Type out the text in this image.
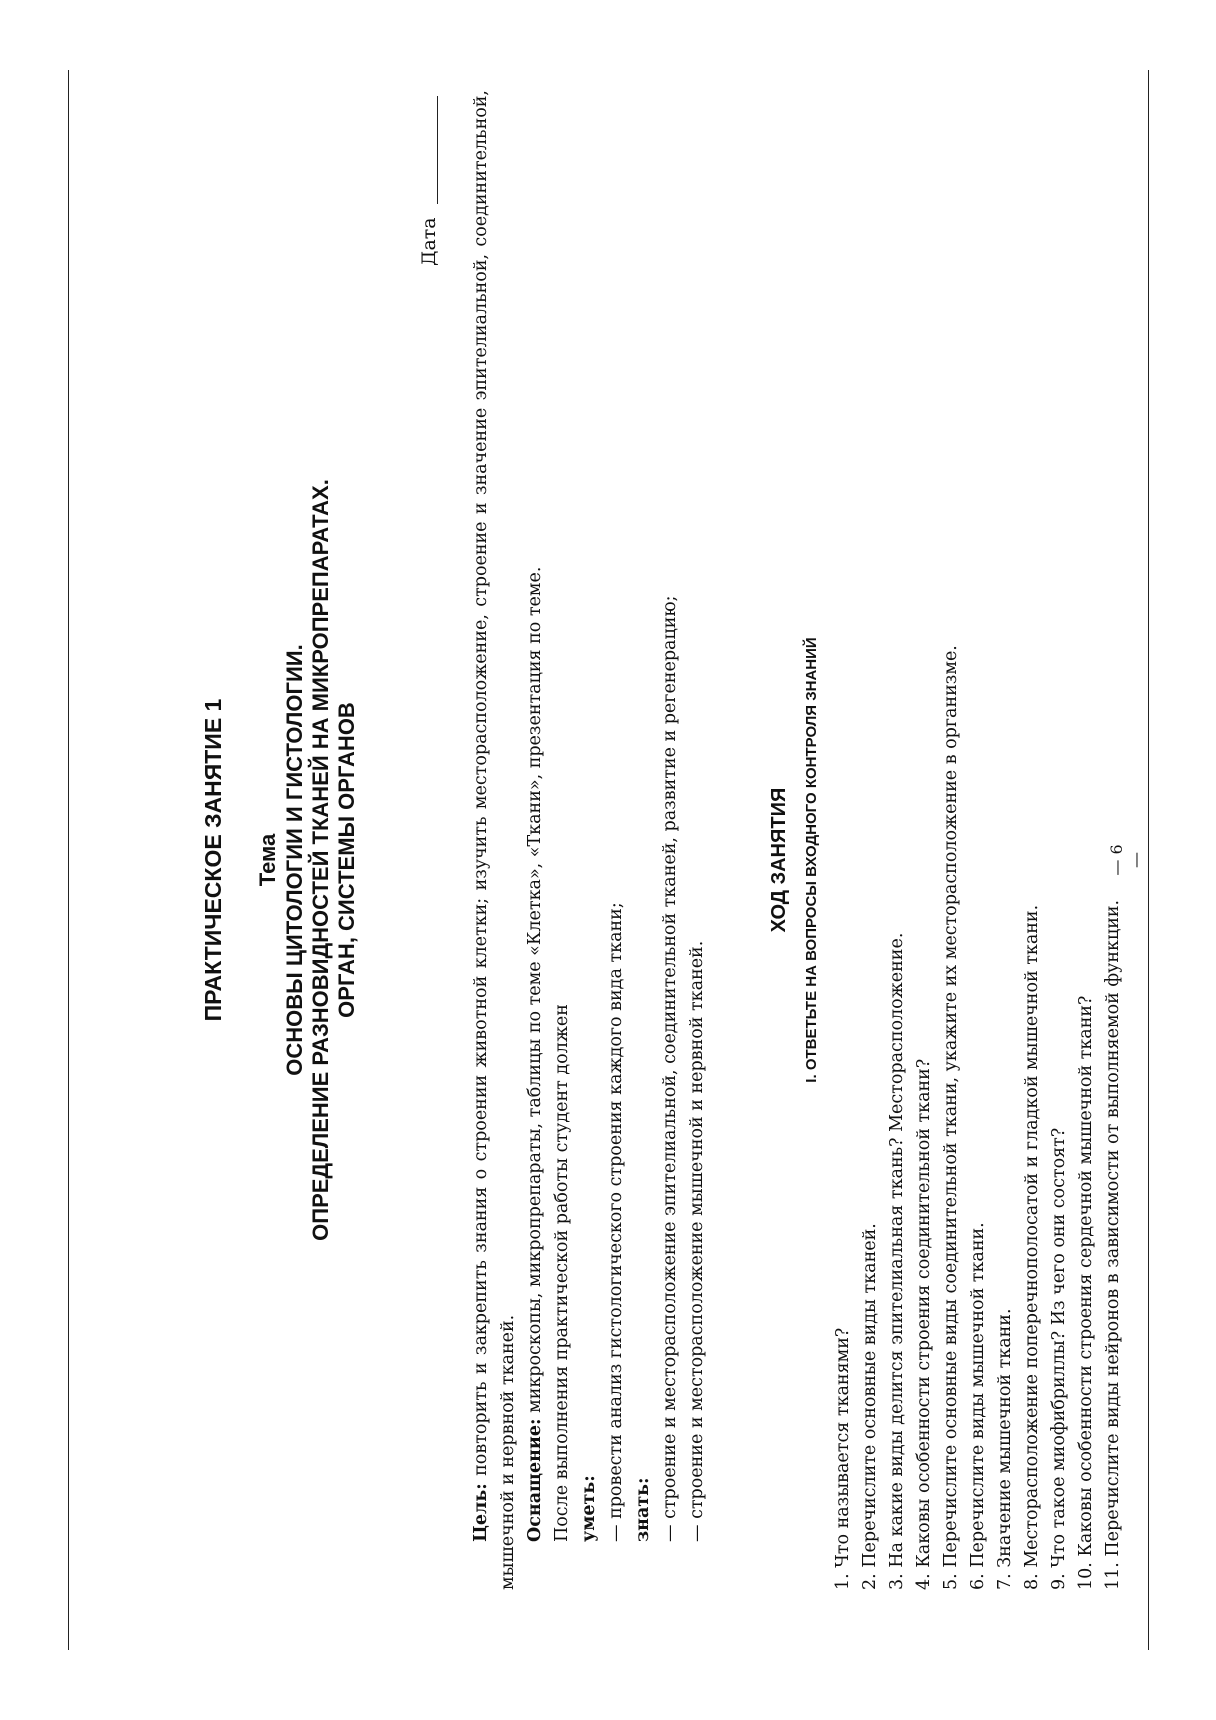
Дата
ПРАКТИЧЕСКОЕ ЗАНЯТИЕ 1 Тема ОСНОВЫ ЦИТОЛОГИИ И ГИСТОЛОГИИ. ОПРЕДЕЛЕНИЕ РАЗНОВИДНОСТЕЙ ТКАНЕЙ НА МИКРОПРЕПАРАТАХ. ОРГАН, СИСТЕМЫ ОРГАНОВ

Цель: повторить и закрепить знания о строении животной клетки; изучить месторасположение, строение и значение эпителиальной, соединительной, мышечной и нервной тканей. Оснащение: микроскопы, микропрепараты, таблицы по теме «Клетка», «Ткани», презентация по теме. После выполнения практической работы студент должен уметь: — провести анализ гистологического строения каждого вида ткани; знать: — строение и месторасположение эпителиальной, соединительной тканей, развитие и регенерацию; — строение и месторасположение мышечной и нервной тканей.

ХОД ЗАНЯТИЯ I. ОТВЕТЬТЕ НА ВОПРОСЫ ВХОДНОГО КОНТРОЛЯ ЗНАНИЙ
1. Что называется тканями? 2. Перечислите основные виды тканей. 3. На какие виды делится эпителиальная ткань? Месторасположение. 4. Каковы особенности строения соединительной ткани? 5. Перечислите основные виды соединительной ткани, укажите их месторасположение в организме. 6. Перечислите виды мышечной ткани. 7. Значение мышечной ткани. 8. Месторасположение поперечнополосатой и гладкой мышечной ткани. 9. Что такое миофибриллы? Из чего они состоят? 10. Каковы особенности строения сердечной мышечной ткани? 11. Перечислите виды нейронов в зависимости от выполняемой функции.
— 6 —
